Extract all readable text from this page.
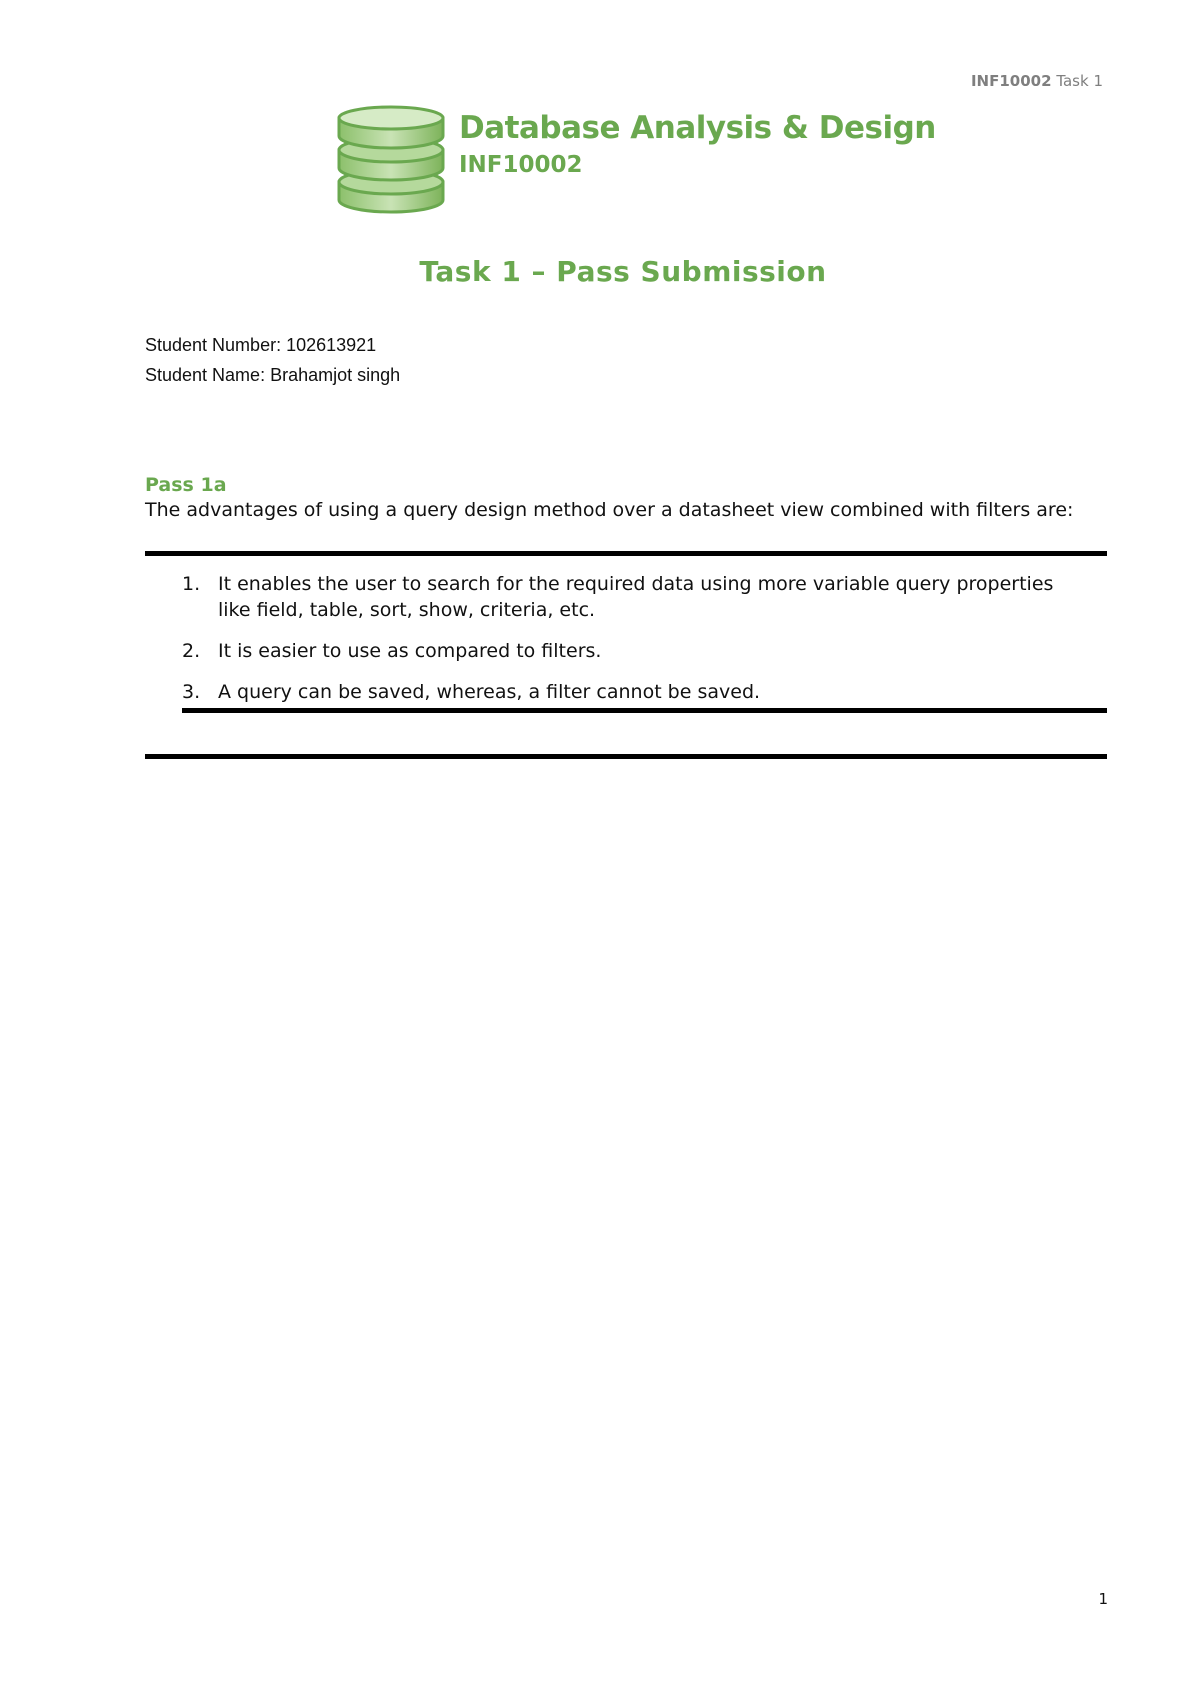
INF10002 Task 1
Database Analysis & Design
INF10002
Task 1 – Pass Submission
Student Number: 102613921
Student Name: Brahamjot singh
Pass 1a
The advantages of using a query design method over a datasheet view combined with filters are:
1. It enables the user to search for the required data using more variable query properties like field, table, sort, show, criteria, etc.
2. It is easier to use as compared to filters.
3. A query can be saved, whereas, a filter cannot be saved.
1
